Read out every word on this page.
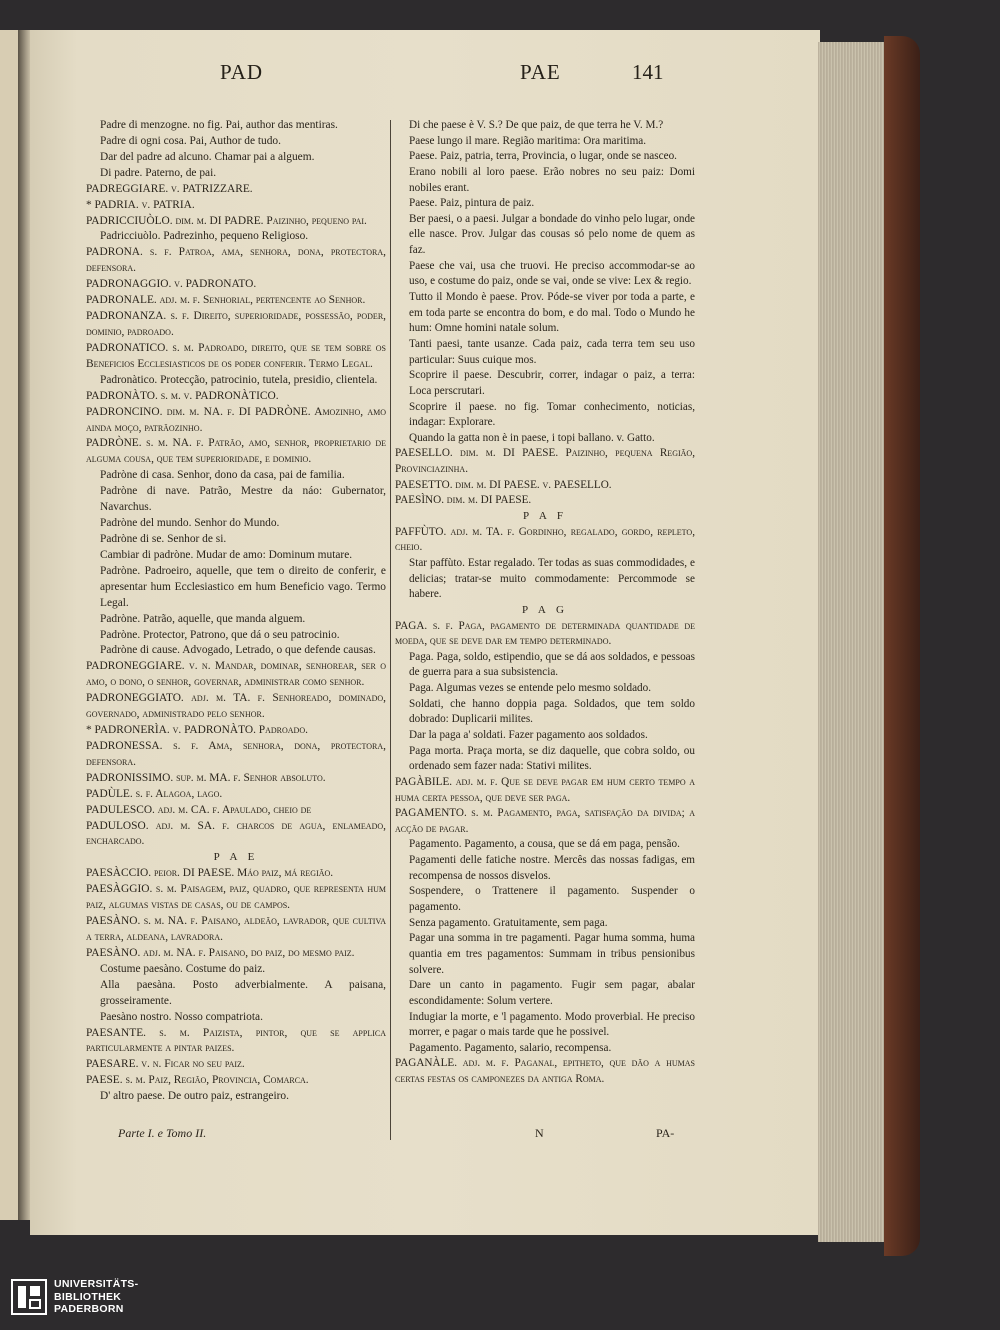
PAD	PAE	141

Padre di menzogne. no fig. Pai, author das mentiras.

Padre di ogni cosa. Pai, Author de tudo.

Dar del padre ad alcuno. Chamar pai a alguem.

Di padre. Paterno, de pai.

PADREGGIARE. v. PATRIZZARE.

* PADRIA. v. PATRIA.

PADRICCIUÒLO. dim. m. DI PADRE. Paizinho, pequeno pai.

Padricciuòlo. Padrezinho, pequeno Religioso.

PADRONA. s. f. Patroa, ama, senhora, dona, protectora, defensora.

PADRONAGGIO. v. PADRONATO.

PADRONALE. adj. m. f. Senhorial, pertencente ao Senhor.

PADRONANZA. s. f. Direito, superioridade, possessão, poder, dominio, padroado.

PADRONATICO. s. m. Padroado, direito, que se tem sobre os Beneficios Ecclesiasticos de os poder conferir. Termo Legal.

Padronàtico. Protecção, patrocinio, tutela, presidio, clientela.

PADRONÀTO. s. m. v. PADRONÀTICO.

PADRONCINO. dim. m. NA. f. DI PADRÒNE. Amozinho, amo ainda moço, patrãozinho.

PADRÒNE. s. m. NA. f. Patrão, amo, senhor, proprietario de alguma cousa, que tem superioridade, e dominio.

Padròne di casa. Senhor, dono da casa, pai de familia.

Padròne di nave. Patrão, Mestre da náo: Gubernator, Navarchus.

Padròne del mundo. Senhor do Mundo.

Padròne di se. Senhor de si.

Cambiar di padròne. Mudar de amo: Dominum mutare.

Padròne. Padroeiro, aquelle, que tem o direito de conferir, e apresentar hum Ecclesiastico em hum Beneficio vago. Termo Legal.

Padròne. Patrão, aquelle, que manda alguem.

Padròne. Protector, Patrono, que dá o seu patrocinio.

Padròne di cause. Advogado, Letrado, o que defende causas.

PADRONEGGIARE. v. n. Mandar, dominar, senhorear, ser o amo, o dono, o senhor, governar, administrar como senhor.

PADRONEGGIATO. adj. m. TA. f. Senhoreado, dominado, governado, administrado pelo senhor.

* PADRONERÌA. v. PADRONÀTO. Padroado.

PADRONESSA. s. f. Ama, senhora, dona, protectora, defensora.

PADRONISSIMO. sup. m. MA. f. Senhor absoluto.

PADÙLE. s. f. Alagoa, lago.

PADULESCO. adj. m. CA. f. Apaulado, cheio de

PADULOSO. adj. m. SA. f. charcos de agua, enlameado, encharcado.

P A E

PAESÀCCIO. peior. DI PAESE. Máo paiz, má região.

PAESÀGGIO. s. m. Paisagem, paiz, quadro, que representa hum paiz, algumas vistas de casas, ou de campos.

PAESÀNO. s. m. NA. f. Paisano, aldeão, lavrador, que cultiva a terra, aldeana, lavradora.

PAESÀNO. adj. m. NA. f. Paisano, do paiz, do mesmo paiz.

Costume paesàno. Costume do paiz.

Alla paesàna. Posto adverbialmente. A paisana, grosseiramente.

Paesàno nostro. Nosso compatriota.

PAESANTE. s. m. Paizista, pintor, que se applica particularmente a pintar paizes.

PAESARE. v. n. Ficar no seu paiz.

PAESE. s. m. Paiz, Região, Provincia, Comarca.

D' altro paese. De outro paiz, estrangeiro.

Di che paese è V. S.? De que paiz, de que terra he V. M.?

Paese lungo il mare. Região maritima: Ora maritima.

Paese. Paiz, patria, terra, Provincia, o lugar, onde se nasceo.

Erano nobili al loro paese. Erão nobres no seu paiz: Domi nobiles erant.

Paese. Paiz, pintura de paiz.

Ber paesi, o a paesi. Julgar a bondade do vinho pelo lugar, onde elle nasce. Prov. Julgar das cousas só pelo nome de quem as faz.

Paese che vai, usa che truovi. He preciso accommodar-se ao uso, e costume do paiz, onde se vai, onde se vive: Lex & regio.

Tutto il Mondo è paese. Prov. Póde-se viver por toda a parte, e em toda parte se encontra do bom, e do mal. Todo o Mundo he hum: Omne homini natale solum.

Tanti paesi, tante usanze. Cada paiz, cada terra tem seu uso particular: Suus cuique mos.

Scoprire il paese. Descubrir, correr, indagar o paiz, a terra: Loca perscrutari.

Scoprire il paese. no fig. Tomar conhecimento, noticias, indagar: Explorare.

Quando la gatta non è in paese, i topi ballano. v. Gatto.

PAESELLO. dim. m. DI PAESE. Paizinho, pequena Região, Provinciazinha.

PAESETTO. dim. m. DI PAESE. v. PAESELLO.

PAESÌNO. dim. m. DI PAESE.

P A F

PAFFÙTO. adj. m. TA. f. Gordinho, regalado, gordo, repleto, cheio.

Star paffùto. Estar regalado. Ter todas as suas commodidades, e delicias; tratar-se muito commodamente: Percommode se habere.

P A G

PAGA. s. f. Paga, pagamento de determinada quantidade de moeda, que se deve dar em tempo determinado.

Paga. Paga, soldo, estipendio, que se dá aos soldados, e pessoas de guerra para a sua subsistencia.

Paga. Algumas vezes se entende pelo mesmo soldado.

Soldati, che hanno doppia paga. Soldados, que tem soldo dobrado: Duplicarii milites.

Dar la paga a' soldati. Fazer pagamento aos soldados.

Paga morta. Praça morta, se diz daquelle, que cobra soldo, ou ordenado sem fazer nada: Stativi milites.

PAGÀBILE. adj. m. f. Que se deve pagar em hum certo tempo a huma certa pessoa, que deve ser paga.

PAGAMENTO. s. m. Pagamento, paga, satisfação da divida; a acção de pagar.

Pagamento. Pagamento, a cousa, que se dá em paga, pensão.

Pagamenti delle fatiche nostre. Mercês das nossas fadigas, em recompensa de nossos disvelos.

Sospendere, o Trattenere il pagamento. Suspender o pagamento.

Senza pagamento. Gratuitamente, sem paga.

Pagar una somma in tre pagamenti. Pagar huma somma, huma quantia em tres pagamentos: Summam in tribus pensionibus solvere.

Dare un canto in pagamento. Fugir sem pagar, abalar escondidamente: Solum vertere.

Indugiar la morte, e 'l pagamento. Modo proverbial. He preciso morrer, e pagar o mais tarde que he possivel.

Pagamento. Pagamento, salario, recompensa.

PAGANÀLE. adj. m. f. Paganal, epitheto, que dão a humas certas festas os camponezes da antiga Roma.

Parte I. e Tomo II.	N	PA-
UNIVERSITÄTS-
BIBLIOTHEK
PADERBORN
